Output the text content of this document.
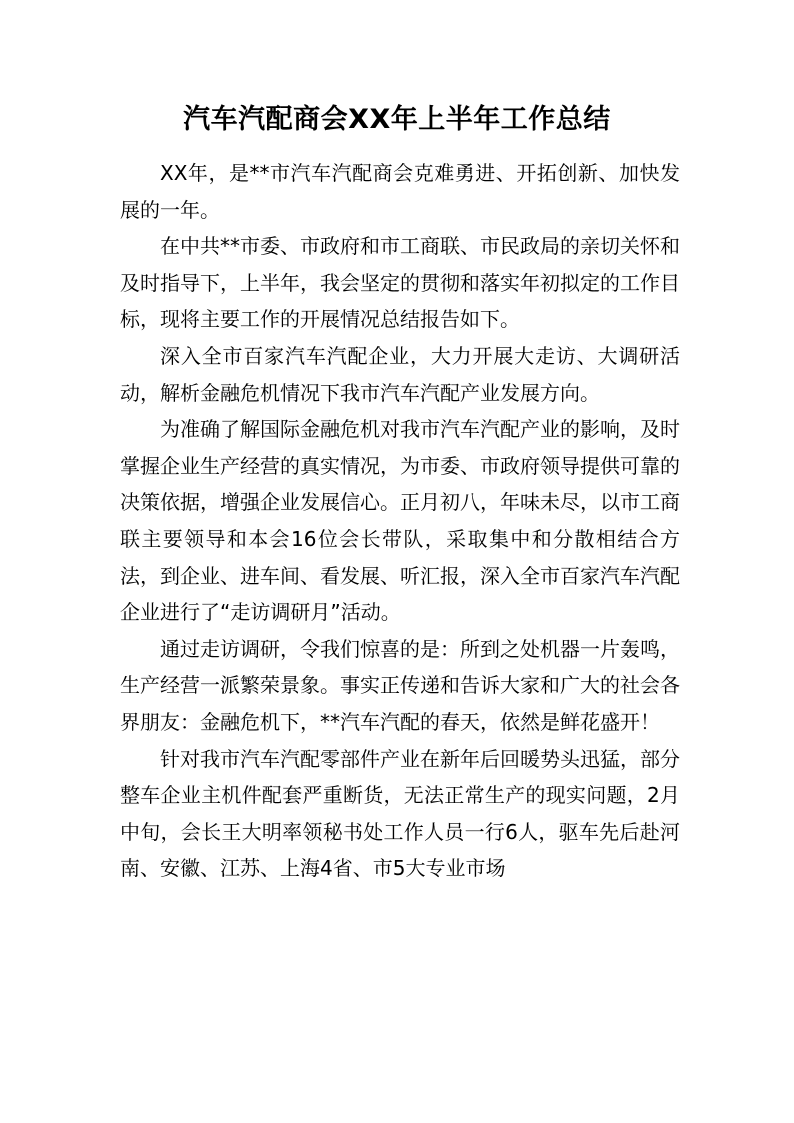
汽车汽配商会XX年上半年工作总结

XX年，是**市汽车汽配商会克难勇进、开拓创新、加快发展的一年。

在中共**市委、市政府和市工商联、市民政局的亲切关怀和及时指导下，上半年，我会坚定的贯彻和落实年初拟定的工作目标，现将主要工作的开展情况总结报告如下。

深入全市百家汽车汽配企业，大力开展大走访、大调研活动，解析金融危机情况下我市汽车汽配产业发展方向。

为准确了解国际金融危机对我市汽车汽配产业的影响，及时掌握企业生产经营的真实情况，为市委、市政府领导提供可靠的决策依据，增强企业发展信心。正月初八，年味未尽，以市工商联主要领导和本会16位会长带队，采取集中和分散相结合方法，到企业、进车间、看发展、听汇报，深入全市百家汽车汽配企业进行了“走访调研月”活动。

通过走访调研，令我们惊喜的是：所到之处机器一片轰鸣，生产经营一派繁荣景象。事实正传递和告诉大家和广大的社会各界朋友：金融危机下，**汽车汽配的春天，依然是鲜花盛开！

针对我市汽车汽配零部件产业在新年后回暖势头迅猛，部分整车企业主机件配套严重断货，无法正常生产的现实问题，2月中旬，会长王大明率领秘书处工作人员一行6人，驱车先后赴河南、安徽、江苏、上海4省、市5大专业市场
